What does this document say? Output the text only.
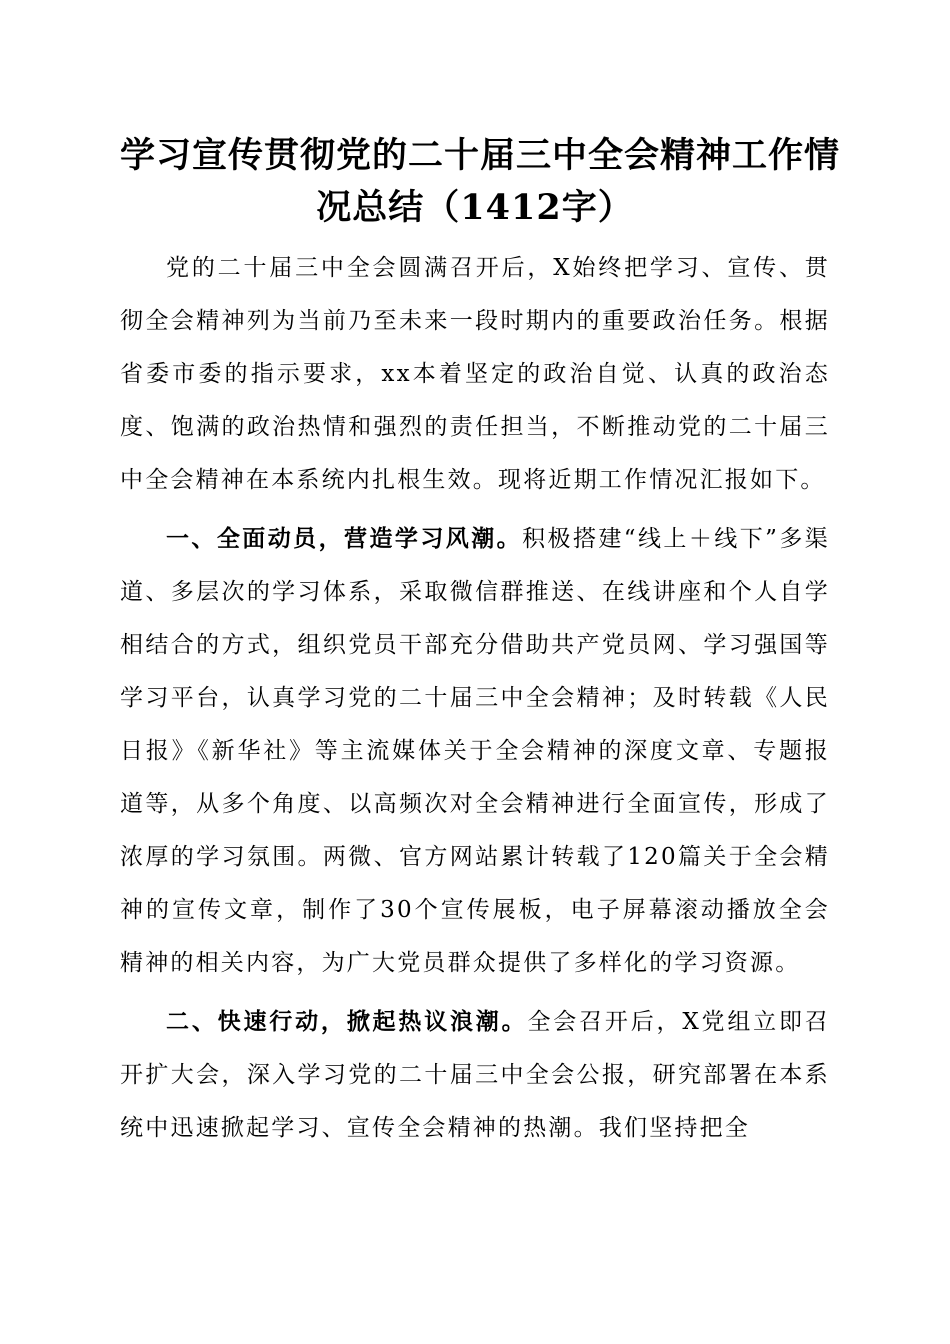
学习宣传贯彻党的二十届三中全会精神工作情
况总结（1412字）

党的二十届三中全会圆满召开后，X始终把学习、宣传、贯彻全会精神列为当前乃至未来一段时期内的重要政治任务。根据省委市委的指示要求，xx本着坚定的政治自觉、认真的政治态度、饱满的政治热情和强烈的责任担当，不断推动党的二十届三中全会精神在本系统内扎根生效。现将近期工作情况汇报如下。

一、全面动员，营造学习风潮。积极搭建“线上＋线下”多渠道、多层次的学习体系，采取微信群推送、在线讲座和个人自学相结合的方式，组织党员干部充分借助共产党员网、学习强国等学习平台，认真学习党的二十届三中全会精神；及时转载《人民日报》《新华社》等主流媒体关于全会精神的深度文章、专题报道等，从多个角度、以高频次对全会精神进行全面宣传，形成了浓厚的学习氛围。两微、官方网站累计转载了120篇关于全会精神的宣传文章，制作了30个宣传展板，电子屏幕滚动播放全会精神的相关内容，为广大党员群众提供了多样化的学习资源。

二、快速行动，掀起热议浪潮。全会召开后，X党组立即召开扩大会，深入学习党的二十届三中全会公报，研究部署在本系统中迅速掀起学习、宣传全会精神的热潮。我们坚持把全
